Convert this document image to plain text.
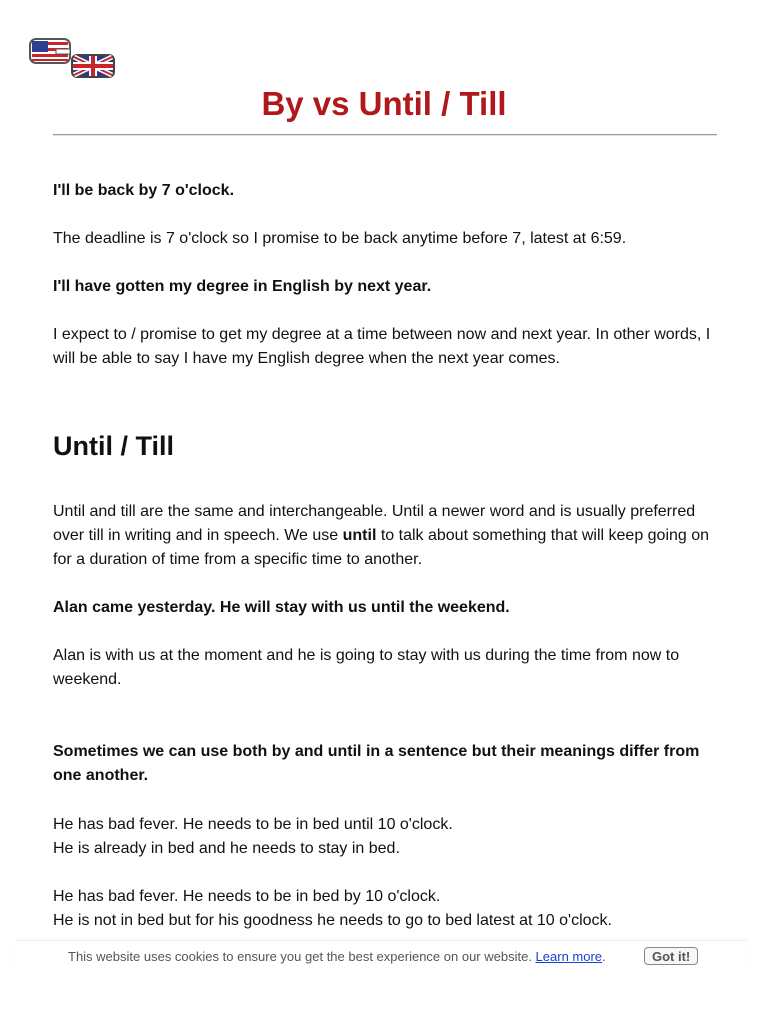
By vs Until / Till

I'll be back by 7 o'clock.

The deadline is 7 o'clock so I promise to be back anytime before 7, latest at 6:59.

I'll have gotten my degree in English by next year.

I expect to / promise to get my degree at a time between now and next year. In other words, I will be able to say I have my English degree when the next year comes.

Until / Till

Until and till are the same and interchangeable. Until a newer word and is usually preferred over till in writing and in speech. We use until to talk about something that will keep going on for a duration of time from a specific time to another.

Alan came yesterday. He will stay with us until the weekend.

Alan is with us at the moment and he is going to stay with us during the time from now to weekend.

Sometimes we can use both by and until in a sentence but their meanings differ from one another.

He has bad fever. He needs to be in bed until 10 o'clock.
He is already in bed and he needs to stay in bed.

He has bad fever. He needs to be in bed by 10 o'clock.
He is not in bed but for his goodness he needs to go to bed latest at 10 o'clock.

This website uses cookies to ensure you get the best experience on our website. Learn more.	Got it!
